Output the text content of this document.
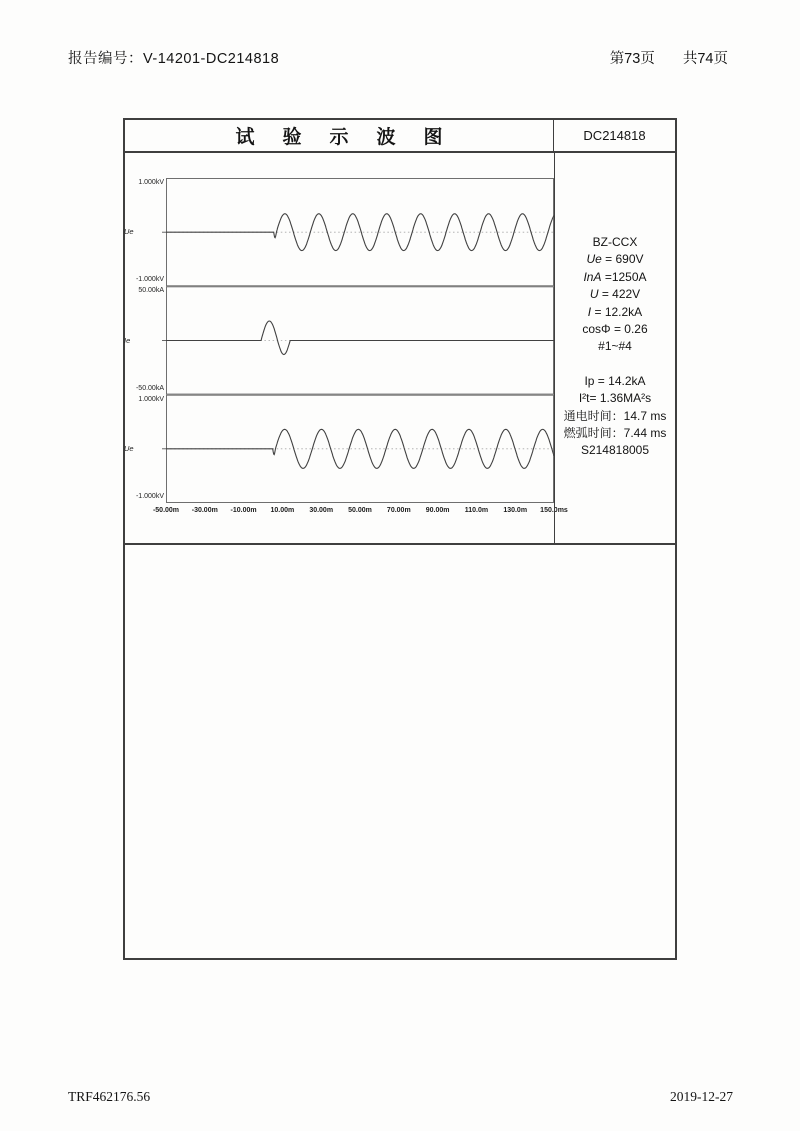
报告编号：V-14201-DC214818	第73页 共74页
试验示波图	DC214818
Ue
1.000kV
-1.000kV
Ie
50.00kA
-50.00kA
Ue
1.000kV
-1.000kV
-50.00m	-30.00m	-10.00m	10.00m	30.00m	50.00m	70.00m	90.00m	110.0m	130.0m	150.0ms
BZ-CCX
Ue = 690V
InA =1250A
U = 422V
I = 12.2kA
cosΦ = 0.26
#1~#4
Ip = 14.2kA
I²t= 1.36MA²s
通电时间：14.7 ms
燃弧时间：7.44 ms
S214818005
TRF462176.56	2019-12-27
